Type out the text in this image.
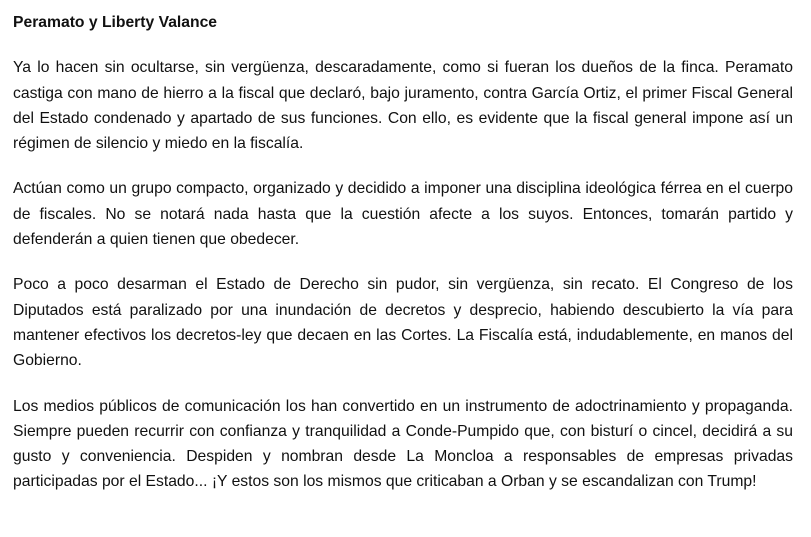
Peramato y Liberty Valance

Ya lo hacen sin ocultarse, sin vergüenza, descaradamente, como si fueran los dueños de la finca. Peramato castiga con mano de hierro a la fiscal que declaró, bajo juramento, contra García Ortiz, el primer Fiscal General del Estado condenado y apartado de sus funciones. Con ello, es evidente que la fiscal general impone así un régimen de silencio y miedo en la fiscalía.

Actúan como un grupo compacto, organizado y decidido a imponer una disciplina ideológica férrea en el cuerpo de fiscales. No se notará nada hasta que la cuestión afecte a los suyos. Entonces, tomarán partido y defenderán a quien tienen que obedecer.

Poco a poco desarman el Estado de Derecho sin pudor, sin vergüenza, sin recato. El Congreso de los Diputados está paralizado por una inundación de decretos y desprecio, habiendo descubierto la vía para mantener efectivos los decretos-ley que decaen en las Cortes. La Fiscalía está, indudablemente, en manos del Gobierno.

Los medios públicos de comunicación los han convertido en un instrumento de adoctrinamiento y propaganda. Siempre pueden recurrir con confianza y tranquilidad a Conde-Pumpido que, con bisturí o cincel, decidirá a su gusto y conveniencia. Despiden y nombran desde La Moncloa a responsables de empresas privadas participadas por el Estado... ¡Y estos son los mismos que criticaban a Orban y se escandalizan con Trump!
